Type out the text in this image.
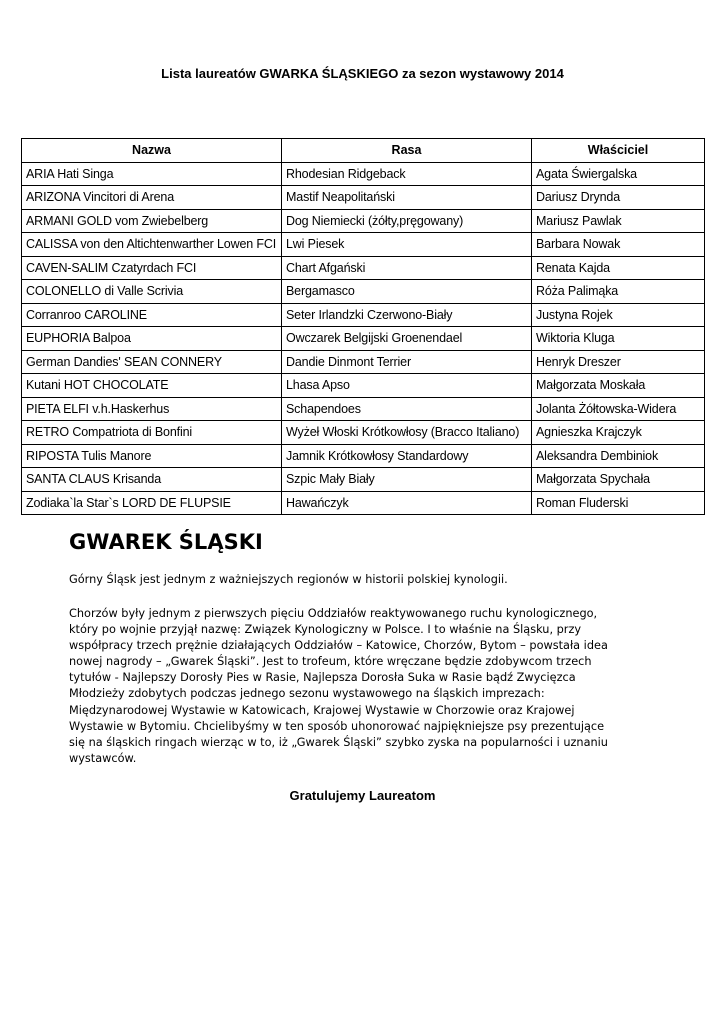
Lista laureatów GWARKA ŚLĄSKIEGO za sezon wystawowy 2014
Nazwa	Rasa	Właściciel
ARIA Hati Singa	Rhodesian Ridgeback	Agata Świergalska
ARIZONA Vincitori di Arena	Mastif Neapolitański	Dariusz Drynda
ARMANI GOLD vom Zwiebelberg	Dog Niemiecki (żółty,pręgowany)	Mariusz Pawlak
CALISSA von den Altichtenwarther Lowen FCI	Lwi Piesek	Barbara Nowak
CAVEN-SALIM Czatyrdach FCI	Chart Afgański	Renata Kajda
COLONELLO di Valle Scrivia	Bergamasco	Róża Palimąka
Corranroo CAROLINE	Seter Irlandzki Czerwono-Biały	Justyna Rojek
EUPHORIA Balpoa	Owczarek Belgijski Groenendael	Wiktoria Kluga
German Dandies' SEAN CONNERY	Dandie Dinmont Terrier	Henryk Dreszer
Kutani HOT CHOCOLATE	Lhasa Apso	Małgorzata Moskała
PIETA ELFI v.h.Haskerhus	Schapendoes	Jolanta Żółtowska-Widera
RETRO Compatriota di Bonfini	Wyżeł Włoski Krótkowłosy (Bracco Italiano)	Agnieszka Krajczyk
RIPOSTA Tulis Manore	Jamnik Krótkowłosy Standardowy	Aleksandra Dembiniok
SANTA CLAUS Krisanda	Szpic Mały Biały	Małgorzata Spychała
Zodiaka`la Star`s LORD DE FLUPSIE	Hawańczyk	Roman Fluderski
GWAREK ŚLĄSKI

Górny Śląsk jest jednym z ważniejszych regionów w historii polskiej kynologii.

Chorzów były jednym z pierwszych pięciu Oddziałów reaktywowanego ruchu kynologicznego,
który po wojnie przyjął nazwę: Związek Kynologiczny w Polsce. I to właśnie na Śląsku, przy
współpracy trzech prężnie działających Oddziałów – Katowice, Chorzów, Bytom – powstała idea
nowej nagrody – „Gwarek Śląski”. Jest to trofeum, które wręczane będzie zdobywcom trzech
tytułów - Najlepszy Dorosły Pies w Rasie, Najlepsza Dorosła Suka w Rasie bądź Zwycięzca
Młodzieży zdobytych podczas jednego sezonu wystawowego na śląskich imprezach:
Międzynarodowej Wystawie w Katowicach, Krajowej Wystawie w Chorzowie oraz Krajowej
Wystawie w Bytomiu. Chcielibyśmy w ten sposób uhonorować najpiękniejsze psy prezentujące
się na śląskich ringach wierząc w to, iż „Gwarek Śląski” szybko zyska na popularności i uznaniu
wystawców.

Gratulujemy Laureatom
